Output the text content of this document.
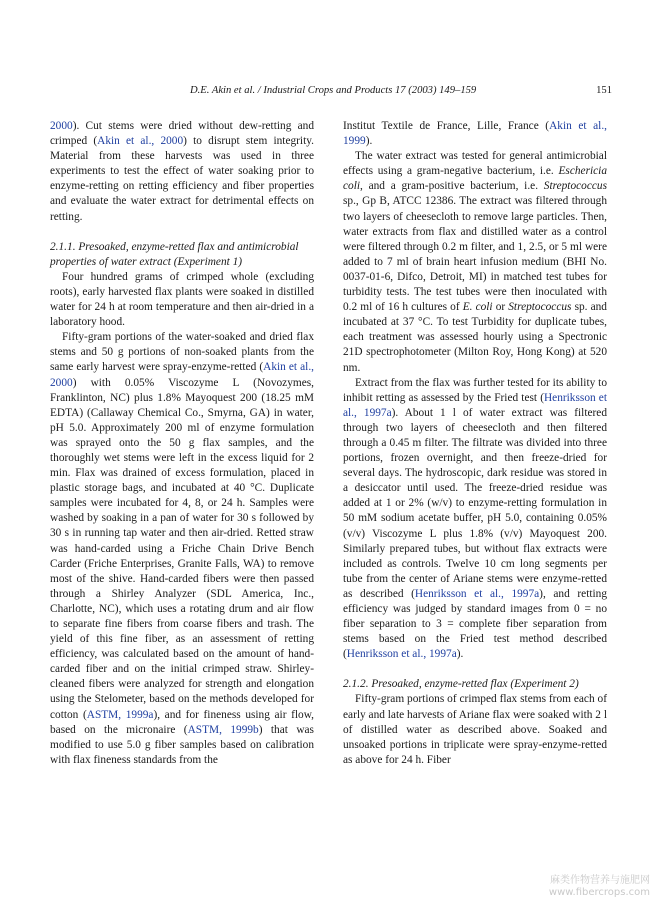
D.E. Akin et al. / Industrial Crops and Products 17 (2003) 149–159	151

2000). Cut stems were dried without dew-retting and crimped (Akin et al., 2000) to disrupt stem integrity. Material from these harvests was used in three experiments to test the effect of water soaking prior to enzyme-retting on retting efficiency and fiber properties and evaluate the water extract for detrimental effects on retting.

2.1.1. Presoaked, enzyme-retted flax and antimicrobial properties of water extract (Experiment 1)

Four hundred grams of crimped whole (excluding roots), early harvested flax plants were soaked in distilled water for 24 h at room temperature and then air-dried in a laboratory hood.

Fifty-gram portions of the water-soaked and dried flax stems and 50 g portions of non-soaked plants from the same early harvest were spray-enzyme-retted (Akin et al., 2000) with 0.05% Viscozyme L (Novozymes, Franklinton, NC) plus 1.8% Mayoquest 200 (18.25 mM EDTA) (Callaway Chemical Co., Smyrna, GA) in water, pH 5.0. Approximately 200 ml of enzyme formulation was sprayed onto the 50 g flax samples, and the thoroughly wet stems were left in the excess liquid for 2 min. Flax was drained of excess formulation, placed in plastic storage bags, and incubated at 40 °C. Duplicate samples were incubated for 4, 8, or 24 h. Samples were washed by soaking in a pan of water for 30 s followed by 30 s in running tap water and then air-dried. Retted straw was hand-carded using a Friche Chain Drive Bench Carder (Friche Enterprises, Granite Falls, WA) to remove most of the shive. Hand-carded fibers were then passed through a Shirley Analyzer (SDL America, Inc., Charlotte, NC), which uses a rotating drum and air flow to separate fine fibers from coarse fibers and trash. The yield of this fine fiber, as an assessment of retting efficiency, was calculated based on the amount of hand-carded fiber and on the initial crimped straw. Shirley-cleaned fibers were analyzed for strength and elongation using the Stelometer, based on the methods developed for cotton (ASTM, 1999a), and for fineness using air flow, based on the micronaire (ASTM, 1999b) that was modified to use 5.0 g fiber samples based on calibration with flax fineness standards from the

Institut Textile de France, Lille, France (Akin et al., 1999).

The water extract was tested for general antimicrobial effects using a gram-negative bacterium, i.e. Eschericia coli, and a gram-positive bacterium, i.e. Streptococcus sp., Gp B, ATCC 12386. The extract was filtered through two layers of cheesecloth to remove large particles. Then, water extracts from flax and distilled water as a control were filtered through 0.2 m filter, and 1, 2.5, or 5 ml were added to 7 ml of brain heart infusion medium (BHI No. 0037-01-6, Difco, Detroit, MI) in matched test tubes for turbidity tests. The test tubes were then inoculated with 0.2 ml of 16 h cultures of E. coli or Streptococcus sp. and incubated at 37 °C. To test Turbidity for duplicate tubes, each treatment was assessed hourly using a Spectronic 21D spectrophotometer (Milton Roy, Hong Kong) at 520 nm.

Extract from the flax was further tested for its ability to inhibit retting as assessed by the Fried test (Henriksson et al., 1997a). About 1 l of water extract was filtered through two layers of cheesecloth and then filtered through a 0.45 m filter. The filtrate was divided into three portions, frozen overnight, and then freeze-dried for several days. The hydroscopic, dark residue was stored in a desiccator until used. The freeze-dried residue was added at 1 or 2% (w/v) to enzyme-retting formulation in 50 mM sodium acetate buffer, pH 5.0, containing 0.05% (v/v) Viscozyme L plus 1.8% (v/v) Mayoquest 200. Similarly prepared tubes, but without flax extracts were included as controls. Twelve 10 cm long segments per tube from the center of Ariane stems were enzyme-retted as described (Henriksson et al., 1997a), and retting efficiency was judged by standard images from 0 = no fiber separation to 3 = complete fiber separation from stems based on the Fried test method described (Henriksson et al., 1997a).

2.1.2. Presoaked, enzyme-retted flax (Experiment 2)

Fifty-gram portions of crimped flax stems from each of early and late harvests of Ariane flax were soaked with 2 l of distilled water as described above. Soaked and unsoaked portions in triplicate were spray-enzyme-retted as above for 24 h. Fiber

麻类作物营养与施肥网
www.fibercrops.com
